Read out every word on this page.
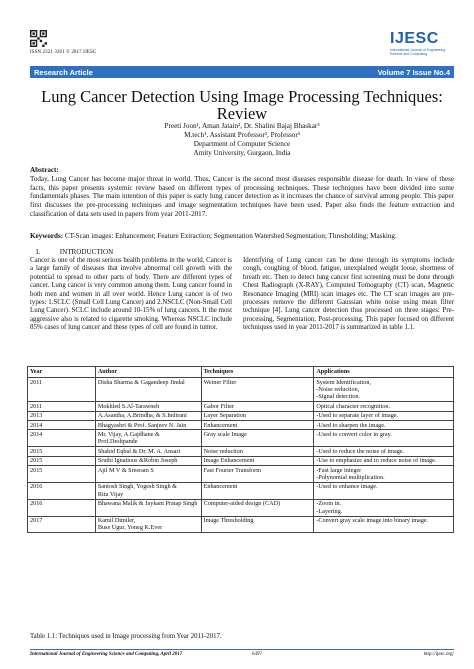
ISSN 2321 3361 © 2017 IJESC
IJESC
International Journal of Engineering Science and Computing
Research Article	Volume 7 Issue No.4
Lung Cancer Detection Using Image Processing Techniques:
Review
Preeti Joon¹, Aman Jatain², Dr. Shalini Bajaj Bhaskar³
M.tech¹, Assistant Professor², Professor³
Department of Computer Science
Amity University, Gurgaon, India
Abstract:
Today, Lung Cancer has become major threat in world. Thus, Cancer is the second most diseases responsible disease for death. In view of these facts, this paper presents systemic review based on different types of processing techniques. These techniques have been divided into some fundamentals phases. The main intention of this paper is early lung cancer detection as it increases the chance of survival among people. This paper first discusses the pre-processing techniques and image segmentation techniques have been used. Paper also finds the feature extraction and classification of data sets used in papers from year 2011-2017.
Keywords: CT-Scan images: Enhancement; Feature Extraction; Segmentation Watershed Segmentation; Thresholding; Masking.
I.	INTRODUCTION
Cancer is one of the most serious health problems in the world. Cancer is a large family of diseases that involve abnormal cell growth with the potential to spread to other parts of body. There are different types of cancer. Lung cancer is very common among them. Lung cancer found in both men and women in all over world. Hence Lung cancer is of two types: 1.SCLC (Small Cell Lung Cancer) and 2.NSCLC (Non-Small Cell Lung Cancer). SCLC include around 10-15% of lung cancers. It the most aggressive also is related to cigarette smoking. Whereas NSCLC include 85% cases of lung cancer and these types of cell are found in tumor.
Identifying of Lung cancer can be done through its symptoms include cough, coughing of blood, fatigue, unexplained weight loose, shortness of breath etc. Then to detect lung cancer first screening must be done through Chest Radiograph (X-RAY), Computed Tomography (CT) scan, Magnetic Resonance Imaging (MRI) scan images etc. The CT scan images are pre-processes remove the different Gaussian white noise using mean filter technique [4]. Lung cancer detection thus processed on three stages: Pre-processing, Segmentation, Post-processing. This paper focused on different techniques used in year 2011-2017 is summarized in table 1.1.
Year	Author	Techniques	Applications
2011	Disha Sharma & Gagandeep Jindal	Weiner Filter	System Identification,
-Noise reduction,
-Signal detection.
2011	Mokhled S.Al-Tarawneh	Gabor Filter	Optical character recognition.
2013	A.Asantha, A.Brindha, & S.Indirani	Layer Separation	-Used to separate layer of image.
2014	Bhagyashri & Prof. Sanjeev N. Jain	Enhancement	-Used to sharpen the image.
2014	Mr. Vijay, A.Gajdhane & Prof.Deshpande	Gray scale Image	-Used to convert color in gray.
2015	Shahid Eqbal & Dr. M. A. Ansari	Noise reduction	-Used to reduce the noise of image.
2015	Sruthi Ignatious &Robin Joseph	Image Enhancement	-Use to emphasize and to reduce noise of image.
2015	Ajil M V & Sreeram S	Fast Fourier Transform	-Fast large integer
-Polynomial multiplication.
2016	Santosh Singh, Yogesh Singh &
Ritu Vijay	Enhancement	-Used to enhance image.
2016	Bhawana Malik & Jaykant Pratap Singh	Computer-aided design (CAD)	-Zoom in.
-Layering.
2017	Kamil Dimiler,
Buse Ugur, Yoneg K.Ever	Image Thresholding	-Convert gray scale image into binary image.
Table 1.1: Techniques used in Image processing from Year 2011-2017.
International Journal of Engineering Science and Computing, April 2017	6497	http://ijesc.org/
